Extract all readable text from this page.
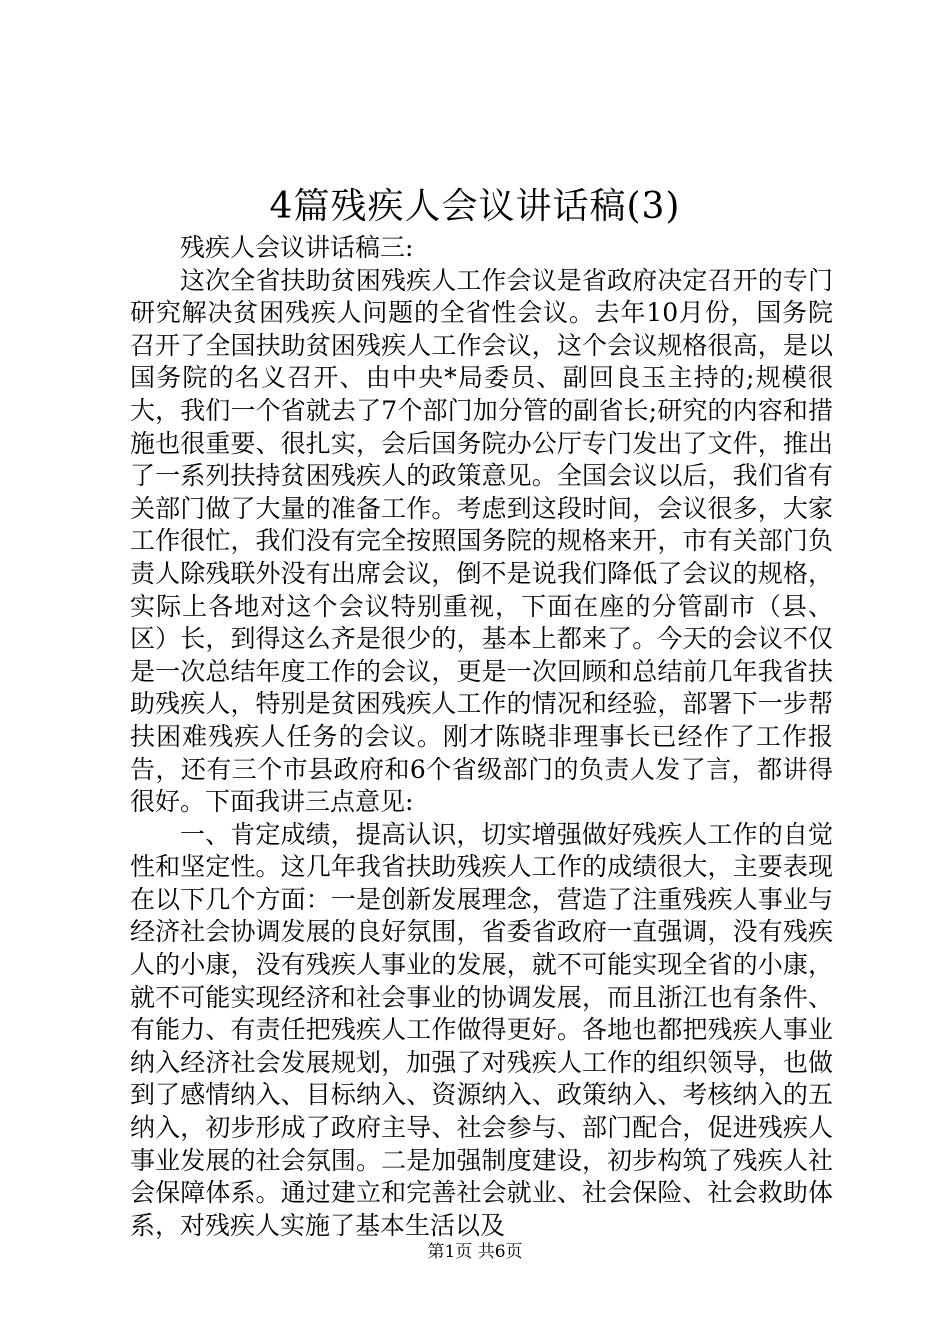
4篇残疾人会议讲话稿(3)

残疾人会议讲话稿三:

这次全省扶助贫困残疾人工作会议是省政府决定召开的专门研究解决贫困残疾人问题的全省性会议。去年10月份，国务院召开了全国扶助贫困残疾人工作会议，这个会议规格很高，是以国务院的名义召开、由中央*局委员、副回良玉主持的;规模很大，我们一个省就去了7个部门加分管的副省长;研究的内容和措施也很重要、很扎实，会后国务院办公厅专门发出了文件，推出了一系列扶持贫困残疾人的政策意见。全国会议以后，我们省有关部门做了大量的准备工作。考虑到这段时间，会议很多，大家工作很忙，我们没有完全按照国务院的规格来开，市有关部门负责人除残联外没有出席会议，倒不是说我们降低了会议的规格，实际上各地对这个会议特别重视，下面在座的分管副市（县、区）长，到得这么齐是很少的，基本上都来了。今天的会议不仅是一次总结年度工作的会议，更是一次回顾和总结前几年我省扶助残疾人，特别是贫困残疾人工作的情况和经验，部署下一步帮扶困难残疾人任务的会议。刚才陈晓非理事长已经作了工作报告，还有三个市县政府和6个省级部门的负责人发了言，都讲得很好。下面我讲三点意见:

一、肯定成绩，提高认识，切实增强做好残疾人工作的自觉性和坚定性。这几年我省扶助残疾人工作的成绩很大，主要表现在以下几个方面：一是创新发展理念，营造了注重残疾人事业与经济社会协调发展的良好氛围，省委省政府一直强调，没有残疾人的小康，没有残疾人事业的发展，就不可能实现全省的小康，就不可能实现经济和社会事业的协调发展，而且浙江也有条件、有能力、有责任把残疾人工作做得更好。各地也都把残疾人事业纳入经济社会发展规划，加强了对残疾人工作的组织领导，也做到了感情纳入、目标纳入、资源纳入、政策纳入、考核纳入的五纳入，初步形成了政府主导、社会参与、部门配合，促进残疾人事业发展的社会氛围。二是加强制度建设，初步构筑了残疾人社会保障体系。通过建立和完善社会就业、社会保险、社会救助体系，对残疾人实施了基本生活以及

第1页 共6页
